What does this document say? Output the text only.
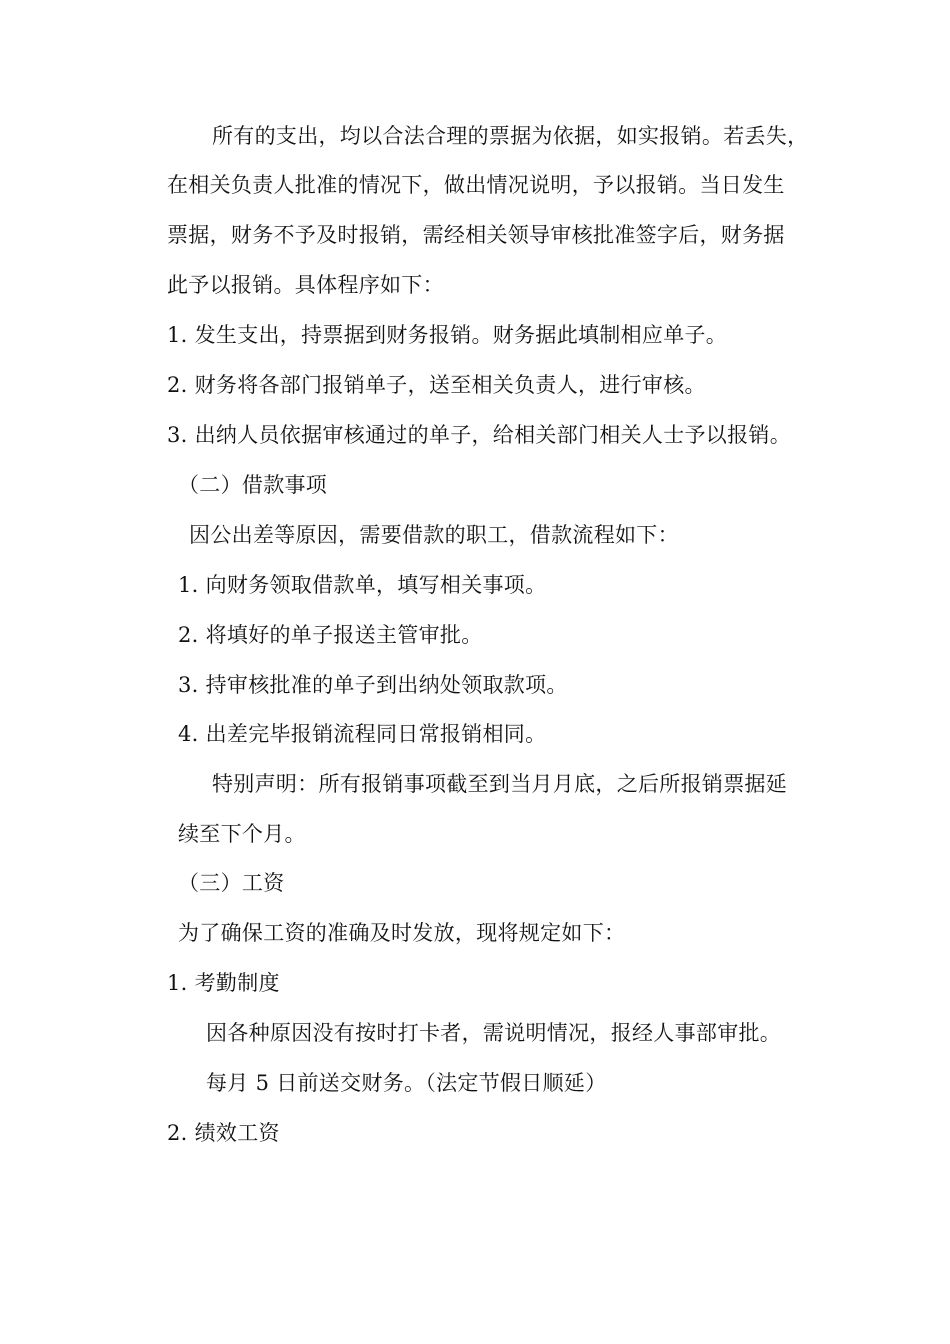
所有的支出，均以合法合理的票据为依据，如实报销。若丢失，
在相关负责人批准的情况下，做出情况说明，予以报销。当日发生
票据，财务不予及时报销，需经相关领导审核批准签字后，财务据
此予以报销。具体程序如下：
1. 发生支出，持票据到财务报销。财务据此填制相应单子。
2. 财务将各部门报销单子，送至相关负责人，进行审核。
3. 出纳人员依据审核通过的单子，给相关部门相关人士予以报销。
（二）借款事项
因公出差等原因，需要借款的职工，借款流程如下：
1. 向财务领取借款单，填写相关事项。
2. 将填好的单子报送主管审批。
3. 持审核批准的单子到出纳处领取款项。
4. 出差完毕报销流程同日常报销相同。
特别声明：所有报销事项截至到当月月底，之后所报销票据延
续至下个月。
（三）工资
为了确保工资的准确及时发放，现将规定如下：
1. 考勤制度
因各种原因没有按时打卡者，需说明情况，报经人事部审批。
每月 5 日前送交财务。（法定节假日顺延）
2. 绩效工资
